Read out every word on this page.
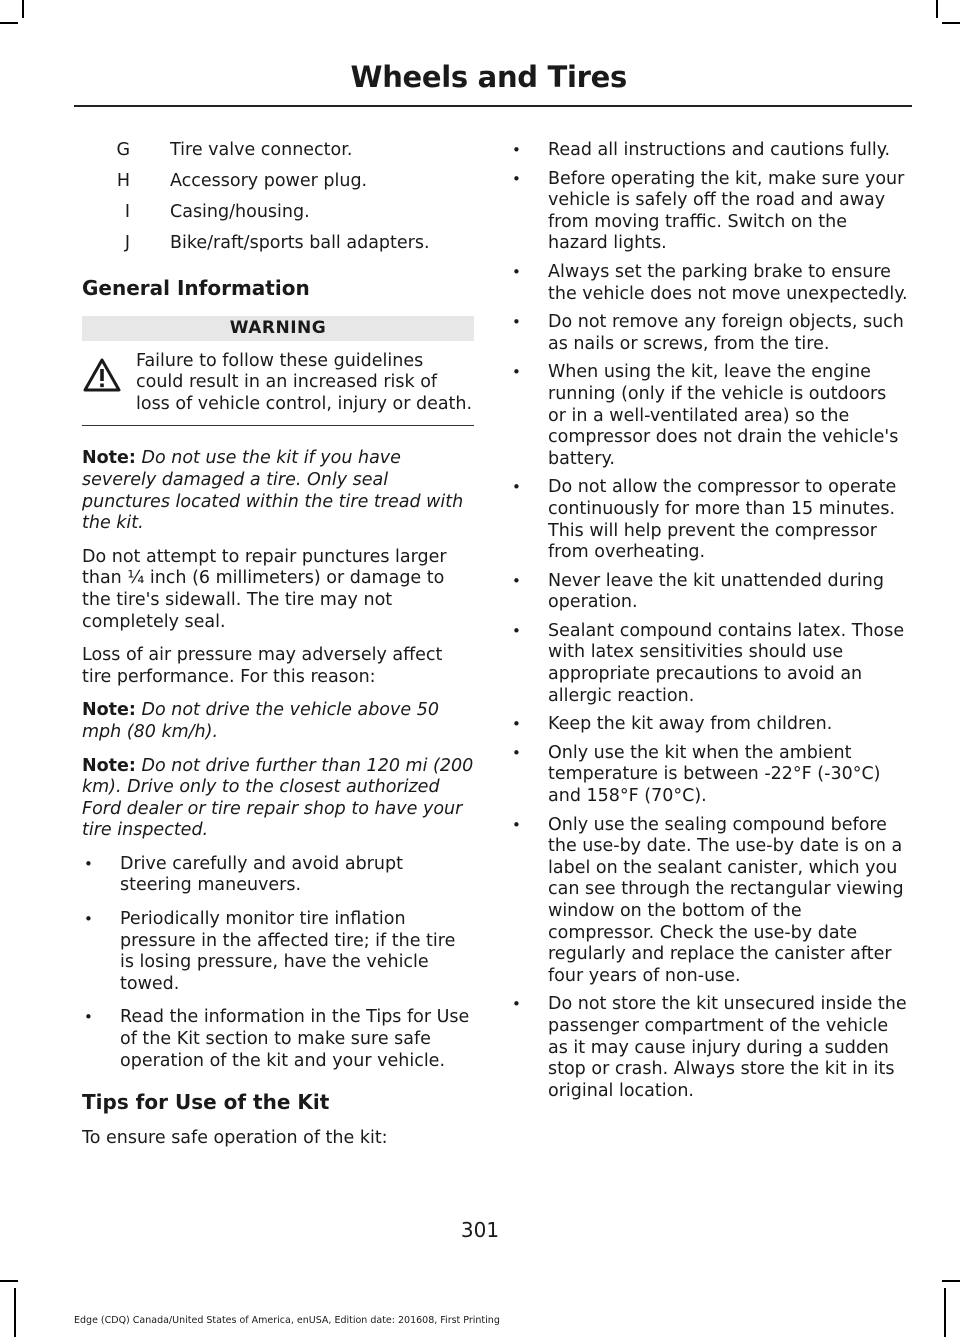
Wheels and Tires
G Tire valve connector.
H Accessory power plug.
I Casing/housing.
J Bike/raft/sports ball adapters.
General Information
WARNING

Failure to follow these guidelines could result in an increased risk of loss of vehicle control, injury or death.

Note: Do not use the kit if you have severely damaged a tire. Only seal punctures located within the tire tread with the kit.

Do not attempt to repair punctures larger than ¼ inch (6 millimeters) or damage to the tire's sidewall. The tire may not completely seal.

Loss of air pressure may adversely affect tire performance. For this reason:

Note: Do not drive the vehicle above 50 mph (80 km/h).

Note: Do not drive further than 120 mi (200 km). Drive only to the closest authorized Ford dealer or tire repair shop to have your tire inspected.

• Drive carefully and avoid abrupt steering maneuvers.
• Periodically monitor tire inflation pressure in the affected tire; if the tire is losing pressure, have the vehicle towed.
• Read the information in the Tips for Use of the Kit section to make sure safe operation of the kit and your vehicle.
Tips for Use of the Kit

To ensure safe operation of the kit:

• Read all instructions and cautions fully.
• Before operating the kit, make sure your vehicle is safely off the road and away from moving traffic. Switch on the hazard lights.
• Always set the parking brake to ensure the vehicle does not move unexpectedly.
• Do not remove any foreign objects, such as nails or screws, from the tire.
• When using the kit, leave the engine running (only if the vehicle is outdoors or in a well-ventilated area) so the compressor does not drain the vehicle's battery.
• Do not allow the compressor to operate continuously for more than 15 minutes. This will help prevent the compressor from overheating.
• Never leave the kit unattended during operation.
• Sealant compound contains latex. Those with latex sensitivities should use appropriate precautions to avoid an allergic reaction.
• Keep the kit away from children.
• Only use the kit when the ambient temperature is between -22°F (-30°C) and 158°F (70°C).
• Only use the sealing compound before the use-by date. The use-by date is on a label on the sealant canister, which you can see through the rectangular viewing window on the bottom of the compressor. Check the use-by date regularly and replace the canister after four years of non-use.
• Do not store the kit unsecured inside the passenger compartment of the vehicle as it may cause injury during a sudden stop or crash. Always store the kit in its original location.
301
Edge (CDQ) Canada/United States of America, enUSA, Edition date: 201608, First Printing
